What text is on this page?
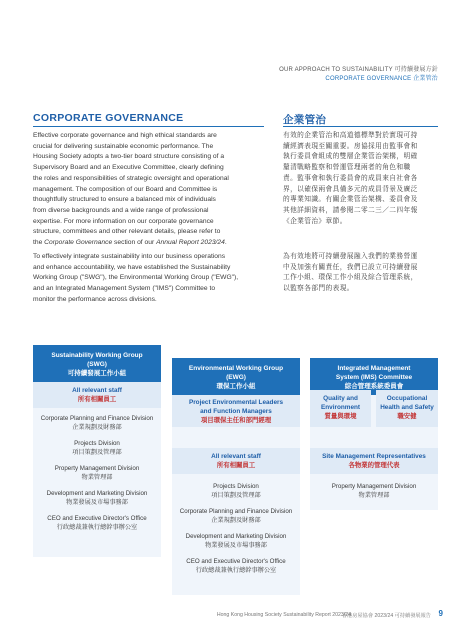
OUR APPROACH TO SUSTAINABILITY 可持續發展方針
CORPORATE GOVERNANCE 企業管治
CORPORATE GOVERNANCE
Effective corporate governance and high ethical standards are
crucial for delivering sustainable economic performance. The
Housing Society adopts a two-tier board structure consisting of a
Supervisory Board and an Executive Committee, clearly defining
the roles and responsibilities of strategic oversight and operational
management. The composition of our Board and Committee is
thoughtfully structured to ensure a balanced mix of individuals
from diverse backgrounds and a wide range of professional
expertise. For more information on our corporate governance
structure, committees and other relevant details, please refer to
the Corporate Governance section of our Annual Report 2023/24.
To effectively integrate sustainability into our business operations
and enhance accountability, we have established the Sustainability
Working Group ("SWG"), the Environmental Working Group ("EWG"),
and an Integrated Management System ("IMS") Committee to
monitor the performance across divisions.
企業管治
有效的企業管治和高道德標準對於實現可持
續經濟表現至關重要。房協採用由監事會和
執行委員會組成的雙層企業管治架構，明確
釐清戰略監察和營運管理兩者的角色和職
責。監事會和執行委員會的成員來自社會各
界，以確保兩會具備多元的成員背景及廣泛
的專業知識。有關企業管治架構、委員會及
其他詳細資料，請參閱二零二三／二四年報
《企業管治》章節。
為有效地將可持續發展融入我們的業務營運
中及加強有關責任，我們已設立可持續發展
工作小組、環保工作小組及綜合管理系統，
以監察各部門的表現。
Sustainability Working Group
(SWG)
可持續發展工作小組
All relevant staff
所有相關員工
Corporate Planning and Finance Division
企業規劃及財務部
Projects Division
項目策劃及管理部
Property Management Division
物業管理部
Development and Marketing Division
物業發展及市場事務部
CEO and Executive Director's Office
行政總裁兼執行總幹事辦公室
Environmental Working Group
(EWG)
環保工作小組
Project Environmental Leaders
and Function Managers
項目環保主任和部門經理
All relevant staff
所有相關員工
Projects Division
項目策劃及管理部
Corporate Planning and Finance Division
企業規劃及財務部
Development and Marketing Division
物業發展及市場事務部
CEO and Executive Director's Office
行政總裁兼執行總幹事辦公室
Integrated Management
System (IMS) Committee
綜合管理系統委員會
Quality and
Environment
質量與環境
Occupational
Health and Safety
職安健
Site Management Representatives
各物業的管理代表
Property Management Division
物業管理部
Hong Kong Housing Society Sustainability Report 2023/24
香港房屋協會 2023/24 可持續發展報告 9
